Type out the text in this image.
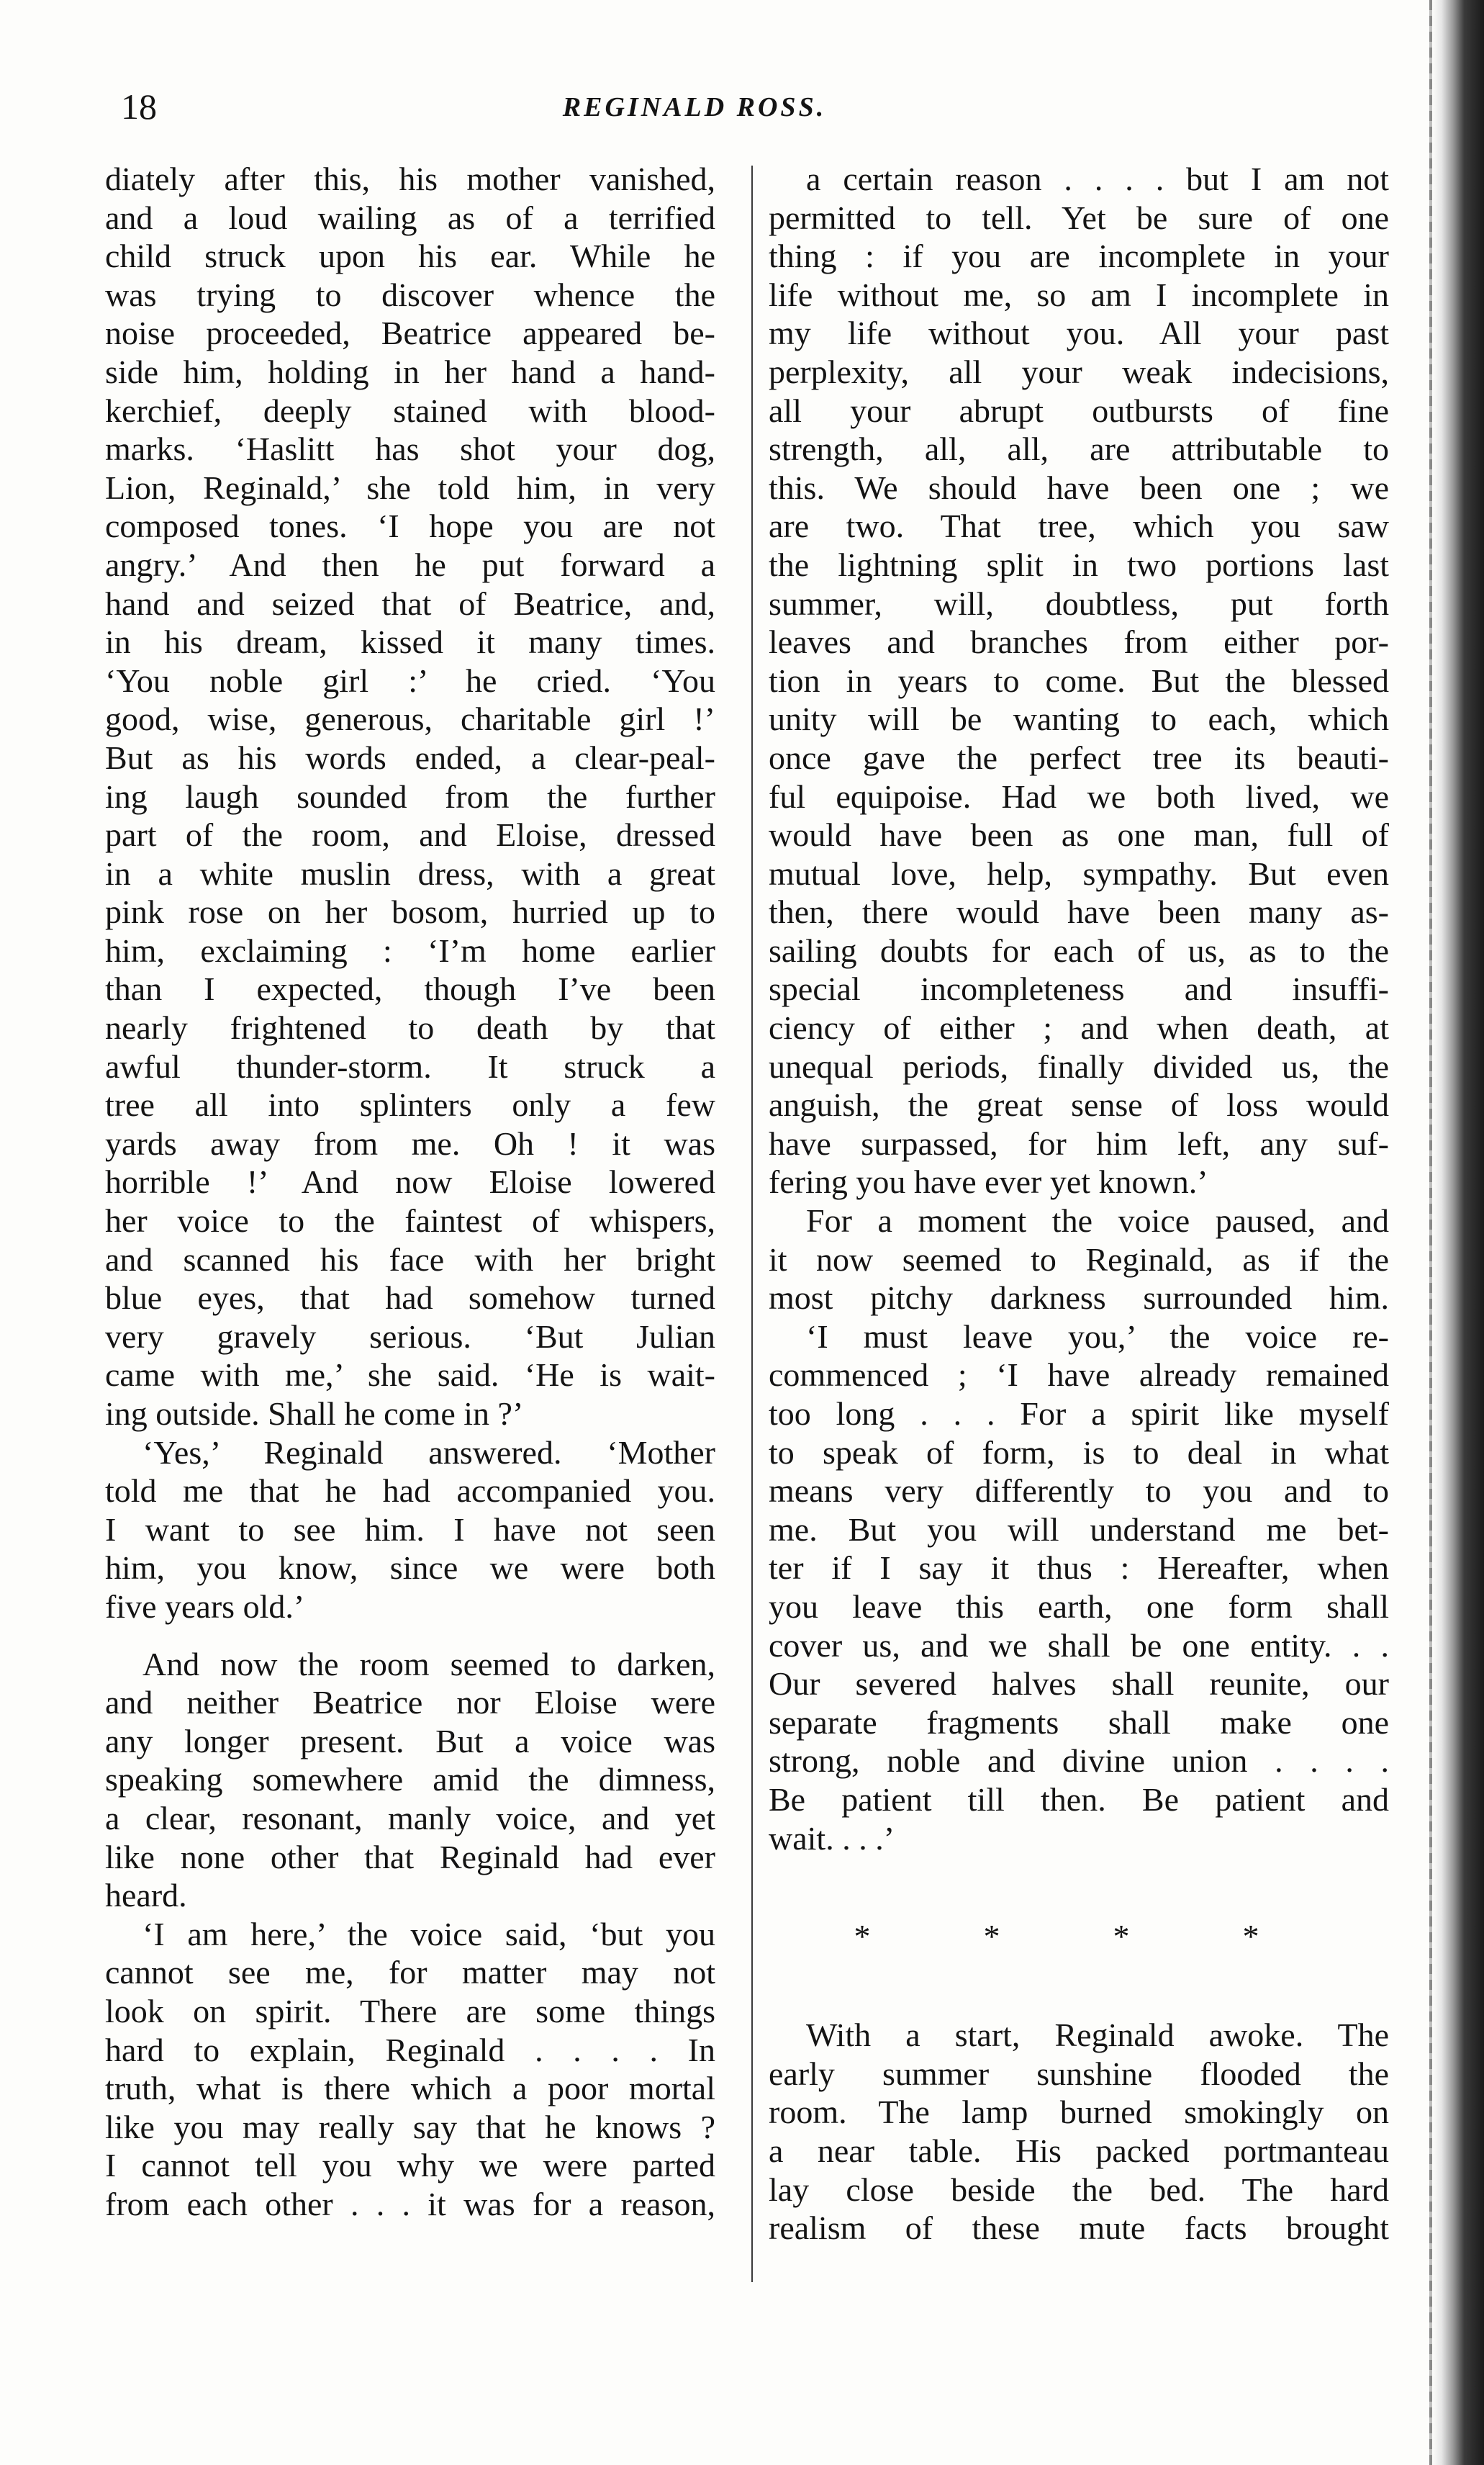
18	REGINALD ROSS.
diately after this, his mother vanished,
and a loud wailing as of a terrified
child struck upon his ear. While he
was trying to discover whence the
noise proceeded, Beatrice appeared be-
side him, holding in her hand a hand-
kerchief, deeply stained with blood-
marks. ‘Haslitt has shot your dog,
Lion, Reginald,’ she told him, in very
composed tones. ‘I hope you are not
angry.’ And then he put forward a
hand and seized that of Beatrice, and,
in his dream, kissed it many times.
‘You noble girl :’ he cried. ‘You
good, wise, generous, charitable girl !’
But as his words ended, a clear-peal-
ing laugh sounded from the further
part of the room, and Eloise, dressed
in a white muslin dress, with a great
pink rose on her bosom, hurried up to
him, exclaiming : ‘I’m home earlier
than I expected, though I’ve been
nearly frightened to death by that
awful thunder-storm. It struck a
tree all into splinters only a few
yards away from me. Oh ! it was
horrible !’ And now Eloise lowered
her voice to the faintest of whispers,
and scanned his face with her bright
blue eyes, that had somehow turned
very gravely serious. ‘But Julian
came with me,’ she said. ‘He is wait-
ing outside. Shall he come in ?’
‘Yes,’ Reginald answered. ‘Mother
told me that he had accompanied you.
I want to see him. I have not seen
him, you know, since we were both
five years old.’
And now the room seemed to darken,
and neither Beatrice nor Eloise were
any longer present. But a voice was
speaking somewhere amid the dimness,
a clear, resonant, manly voice, and yet
like none other that Reginald had ever
heard.
‘I am here,’ the voice said, ‘but you
cannot see me, for matter may not
look on spirit. There are some things
hard to explain, Reginald . . . . In
truth, what is there which a poor mortal
like you may really say that he knows ?
I cannot tell you why we were parted
from each other . . . it was for a reason,
a certain reason . . . . but I am not
permitted to tell. Yet be sure of one
thing : if you are incomplete in your
life without me, so am I incomplete in
my life without you. All your past
perplexity, all your weak indecisions,
all your abrupt outbursts of fine
strength, all, all, are attributable to
this. We should have been one ; we
are two. That tree, which you saw
the lightning split in two portions last
summer, will, doubtless, put forth
leaves and branches from either por-
tion in years to come. But the blessed
unity will be wanting to each, which
once gave the perfect tree its beauti-
ful equipoise. Had we both lived, we
would have been as one man, full of
mutual love, help, sympathy. But even
then, there would have been many as-
sailing doubts for each of us, as to the
special incompleteness and insuffi-
ciency of either ; and when death, at
unequal periods, finally divided us, the
anguish, the great sense of loss would
have surpassed, for him left, any suf-
fering you have ever yet known.’
For a moment the voice paused, and
it now seemed to Reginald, as if the
most pitchy darkness surrounded him.
‘I must leave you,’ the voice re-
commenced ; ‘I have already remained
too long . . . For a spirit like myself
to speak of form, is to deal in what
means very differently to you and to
me. But you will understand me bet-
ter if I say it thus : Hereafter, when
you leave this earth, one form shall
cover us, and we shall be one entity. . .
Our severed halves shall reunite, our
separate fragments shall make one
strong, noble and divine union . . . .
Be patient till then. Be patient and
wait. . . .’
*	*	*	*
With a start, Reginald awoke. The
early summer sunshine flooded the
room. The lamp burned smokingly on
a near table. His packed portmanteau
lay close beside the bed. The hard
realism of these mute facts brought
